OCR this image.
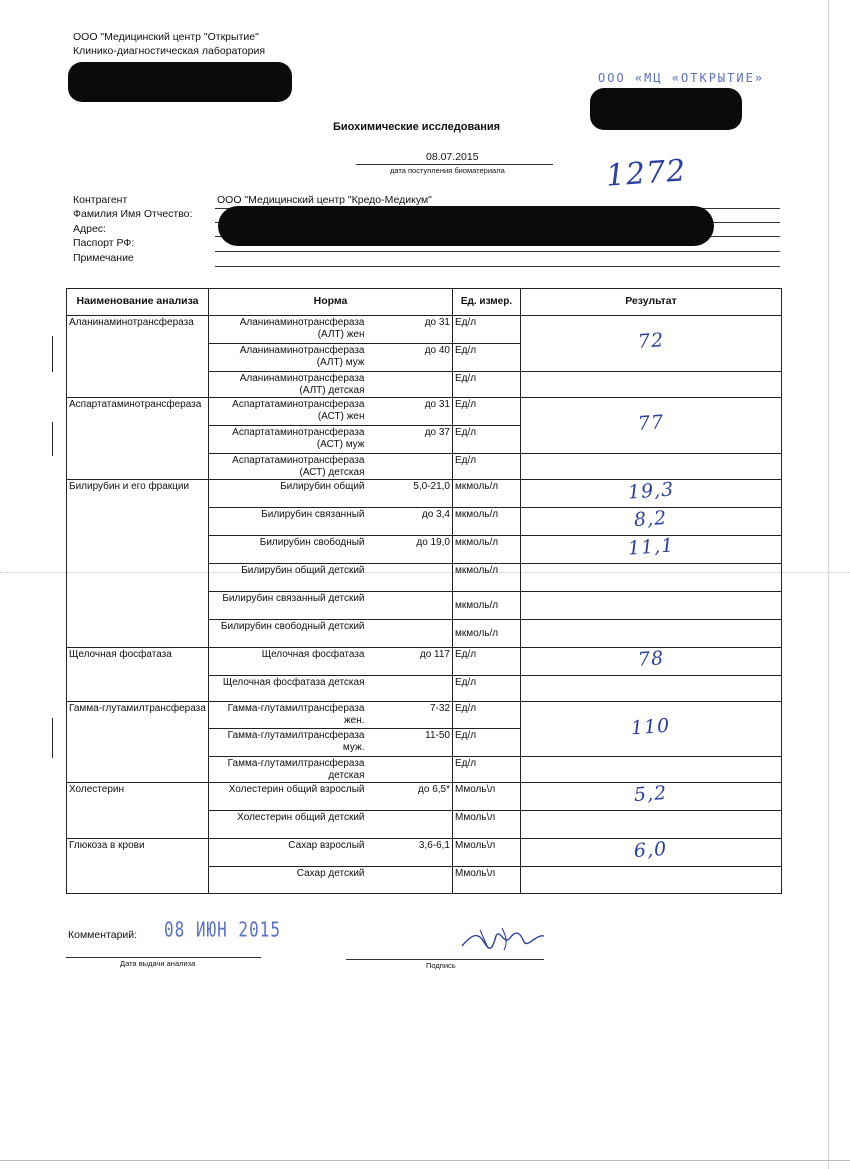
ООО "Медицинский центр "Открытие"
Клинико-диагностическая лаборатория
ООО «МЦ «ОТКРЫТИЕ»
Биохимические исследования
08.07.2015
дата поступления биоматериала	1272
Контрагент	ООО "Медицинский центр "Кредо-Медикум"
Фамилия Имя Отчество:
Адрес:
Паспорт РФ:
Примечание
Наименование анализа	Норма		Ед. измер.	Результат
Аланинаминотрансфераза	Аланинаминотрансфераза (АЛТ) жен	до 31	Ед/л	72
	Аланинаминотрансфераза (АЛТ) муж	до 40	Ед/л	
	Аланинаминотрансфераза (АЛТ) детская		Ед/л	
Аспартатаминотрансфераза	Аспартатаминотрансфераза (АСТ) жен	до 31	Ед/л	77
	Аспартатаминотрансфераза (АСТ) муж	до 37	Ед/л	
	Аспартатаминотрансфераза (АСТ) детская		Ед/л	
Билирубин и его фракции	Билирубин общий	5,0-21,0	мкмоль/л	19,3
	Билирубин связанный	до 3,4	мкмоль/л	8,2
	Билирубин свободный	до 19,0	мкмоль/л	11,1
	Билирубин общий детский		мкмоль/л	
	Билирубин связанный детский		мкмоль/л	
	Билирубин свободный детский		мкмоль/л	
Щелочная фосфатаза	Щелочная фосфатаза	до 117	Ед/л	78
	Щелочная фосфатаза детская		Ед/л	
Гамма-глутамилтрансфераза	Гамма-глутамилтрансфераза жен.	7-32	Ед/л	110
	Гамма-глутамилтрансфераза муж.	11-50	Ед/л	
	Гамма-глутамилтрансфераза детская		Ед/л	
Холестерин	Холестерин общий взрослый	до 6,5*	Ммоль\л	5,2
	Холестерин общий детский		Ммоль\л	
Глюкоза в крови	Сахар взрослый	3,6-6,1	Ммоль\л	6,0
	Сахар детский		Ммоль\л	
Комментарий: 08 ИЮН 2015
Дата выдачи анализа	Подпись
